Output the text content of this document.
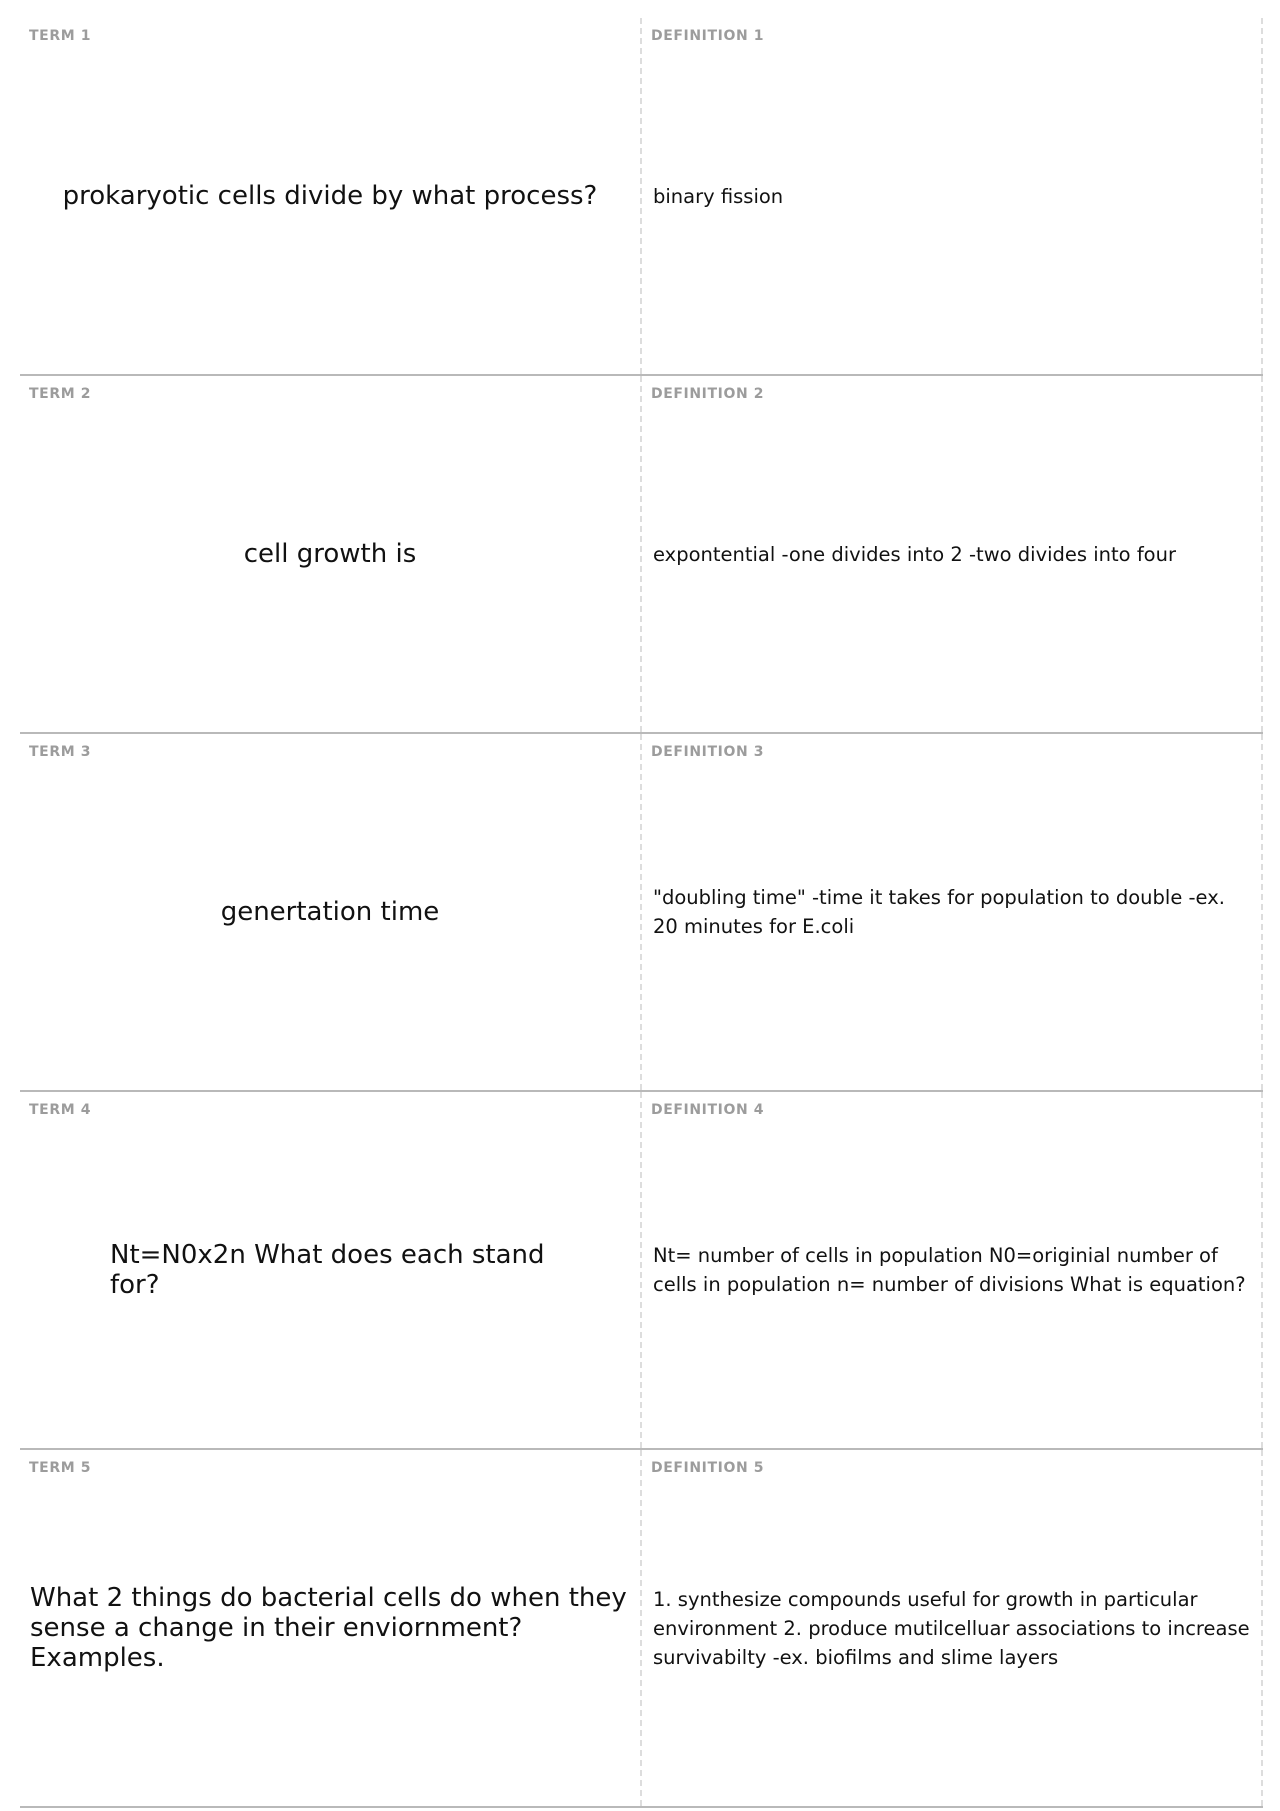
TERM 1
prokaryotic cells divide by what process?
DEFINITION 1
binary fission
TERM 2
cell growth is
DEFINITION 2
expontential -one divides into 2 -two divides into four
TERM 3
genertation time
DEFINITION 3
"doubling time" -time it takes for population to double -ex. 20 minutes for E.coli
TERM 4
Nt=N0x2n What does each stand for?
DEFINITION 4
Nt= number of cells in population N0=originial number of cells in population n= number of divisions What is equation?
TERM 5
What 2 things do bacterial cells do when they sense a change in their enviornment? Examples.
DEFINITION 5
1. synthesize compounds useful for growth in particular environment 2. produce mutilcelluar associations to increase survivabilty -ex. biofilms and slime layers
